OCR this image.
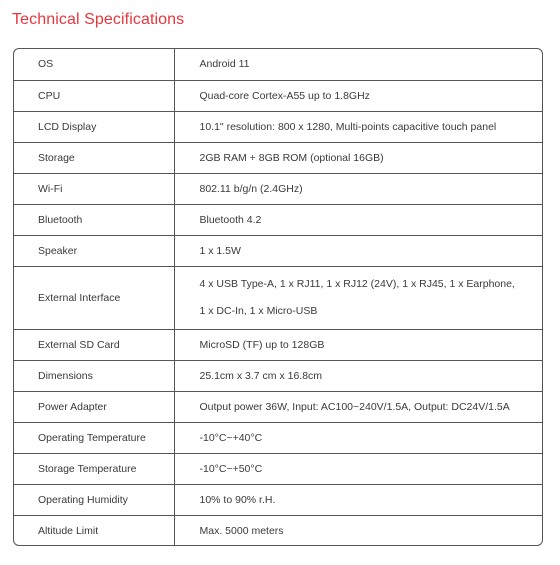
Technical Specifications
OS	Android 11
CPU	Quad-core Cortex-A55 up to 1.8GHz
LCD Display	10.1" resolution: 800 x 1280, Multi-points capacitive touch panel
Storage	2GB RAM + 8GB ROM (optional 16GB)
Wi-Fi	802.11 b/g/n (2.4GHz)
Bluetooth	Bluetooth 4.2
Speaker	1 x 1.5W
External Interface	4 x USB Type-A, 1 x RJ11, 1 x RJ12 (24V), 1 x RJ45, 1 x Earphone,
1 x DC-In, 1 x Micro-USB

External SD Card	MicroSD (TF) up to 128GB
Dimensions	25.1cm x 3.7 cm x 16.8cm
Power Adapter	Output power 36W, Input: AC100~240V/1.5A, Output: DC24V/1.5A
Operating Temperature	-10°C~+40°C
Storage Temperature	-10°C~+50°C
Operating Humidity	10% to 90% r.H.
Altitude Limit	Max. 5000 meters
